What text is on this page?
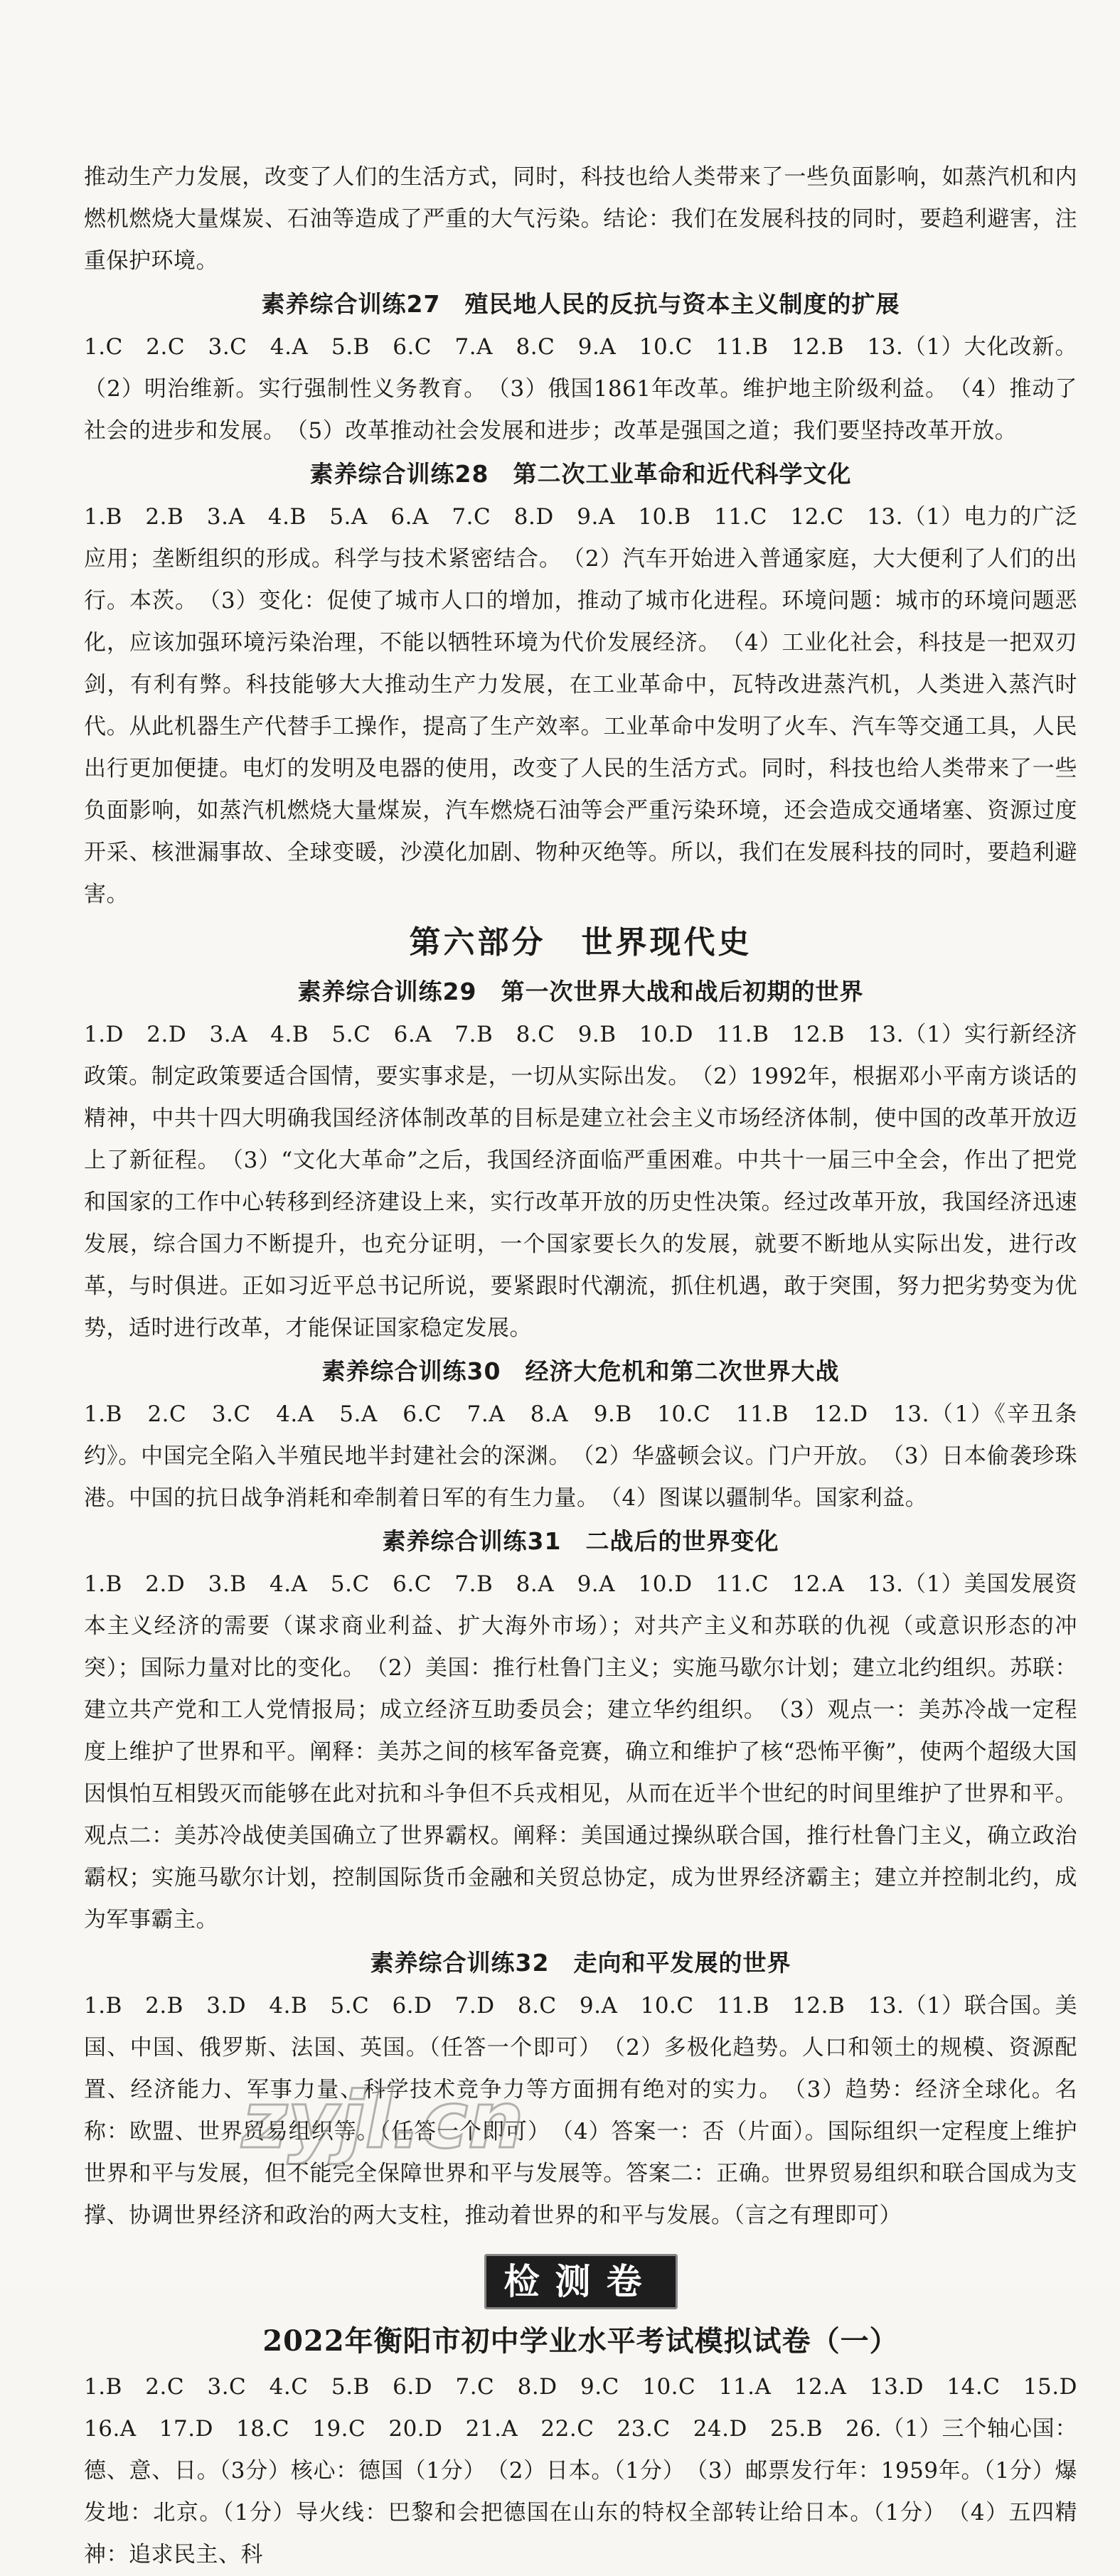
推动生产力发展，改变了人们的生活方式，同时，科技也给人类带来了一些负面影响，如蒸汽机和内燃机燃烧大量煤炭、石油等造成了严重的大气污染。结论：我们在发展科技的同时，要趋利避害，注重保护环境。
素养综合训练27 殖民地人民的反抗与资本主义制度的扩展
1.C　2.C　3.C　4.A　5.B　6.C　7.A　8.C　9.A　10.C　11.B　12.B　13.（1）大化改新。（2）明治维新。实行强制性义务教育。　（3）俄国1861年改革。维护地主阶级利益。　（4）推动了社会的进步和发展。　（5）改革推动社会发展和进步；改革是强国之道；我们要坚持改革开放。
素养综合训练28 第二次工业革命和近代科学文化
1.B　2.B　3.A　4.B　5.A　6.A　7.C　8.D　9.A　10.B　11.C　12.C　13.（1）电力的广泛应用；垄断组织的形成。科学与技术紧密结合。　（2）汽车开始进入普通家庭，大大便利了人们的出行。本茨。　（3）变化：促使了城市人口的增加，推动了城市化进程。环境问题：城市的环境问题恶化，应该加强环境污染治理，不能以牺牲环境为代价发展经济。　（4）工业化社会，科技是一把双刃剑，有利有弊。科技能够大大推动生产力发展，在工业革命中，瓦特改进蒸汽机，人类进入蒸汽时代。从此机器生产代替手工操作，提高了生产效率。工业革命中发明了火车、汽车等交通工具，人民出行更加便捷。电灯的发明及电器的使用，改变了人民的生活方式。同时，科技也给人类带来了一些负面影响，如蒸汽机燃烧大量煤炭，汽车燃烧石油等会严重污染环境，还会造成交通堵塞、资源过度开采、核泄漏事故、全球变暖，沙漠化加剧、物种灭绝等。所以，我们在发展科技的同时，要趋利避害。
第六部分 世界现代史
素养综合训练29 第一次世界大战和战后初期的世界
1.D　2.D　3.A　4.B　5.C　6.A　7.B　8.C　9.B　10.D　11.B　12.B　13.（1）实行新经济政策。制定政策要适合国情，要实事求是，一切从实际出发。　（2）1992年，根据邓小平南方谈话的精神，中共十四大明确我国经济体制改革的目标是建立社会主义市场经济体制，使中国的改革开放迈上了新征程。　（3）“文化大革命”之后，我国经济面临严重困难。中共十一届三中全会，作出了把党和国家的工作中心转移到经济建设上来，实行改革开放的历史性决策。经过改革开放，我国经济迅速发展，综合国力不断提升，也充分证明，一个国家要长久的发展，就要不断地从实际出发，进行改革，与时俱进。正如习近平总书记所说，要紧跟时代潮流，抓住机遇，敢于突围，努力把劣势变为优势，适时进行改革，才能保证国家稳定发展。
素养综合训练30 经济大危机和第二次世界大战
1.B　2.C　3.C　4.A　5.A　6.C　7.A　8.A　9.B　10.C　11.B　12.D　13.（1）《辛丑条约》。中国完全陷入半殖民地半封建社会的深渊。　（2）华盛顿会议。门户开放。　（3）日本偷袭珍珠港。中国的抗日战争消耗和牵制着日军的有生力量。　（4）图谋以疆制华。国家利益。
素养综合训练31 二战后的世界变化
1.B　2.D　3.B　4.A　5.C　6.C　7.B　8.A　9.A　10.D　11.C　12.A　13.（1）美国发展资本主义经济的需要（谋求商业利益、扩大海外市场）；对共产主义和苏联的仇视（或意识形态的冲突）；国际力量对比的变化。　（2）美国：推行杜鲁门主义；实施马歇尔计划；建立北约组织。苏联：建立共产党和工人党情报局；成立经济互助委员会；建立华约组织。　（3）观点一：美苏冷战一定程度上维护了世界和平。阐释：美苏之间的核军备竞赛，确立和维护了核“恐怖平衡”，使两个超级大国因惧怕互相毁灭而能够在此对抗和斗争但不兵戎相见，从而在近半个世纪的时间里维护了世界和平。观点二：美苏冷战使美国确立了世界霸权。阐释：美国通过操纵联合国，推行杜鲁门主义，确立政治霸权；实施马歇尔计划，控制国际货币金融和关贸总协定，成为世界经济霸主；建立并控制北约，成为军事霸主。
素养综合训练32 走向和平发展的世界
1.B　2.B　3.D　4.B　5.C　6.D　7.D　8.C　9.A　10.C　11.B　12.B　13.（1）联合国。美国、中国、俄罗斯、法国、英国。（任答一个即可）　（2）多极化趋势。人口和领土的规模、资源配置、经济能力、军事力量、科学技术竞争力等方面拥有绝对的实力。　（3）趋势：经济全球化。名称：欧盟、世界贸易组织等。（任答一个即可）　（4）答案一：否（片面）。国际组织一定程度上维护世界和平与发展，但不能完全保障世界和平与发展等。答案二：正确。世界贸易组织和联合国成为支撑、协调世界经济和政治的两大支柱，推动着世界的和平与发展。（言之有理即可）
检测卷
2022年衡阳市初中学业水平考试模拟试卷（一）
1.B　2.C　3.C　4.C　5.B　6.D　7.C　8.D　9.C　10.C　11.A　12.A　13.D　14.C　15.D　16.A　17.D　18.C　19.C　20.D　21.A　22.C　23.C　24.D　25.B　26.（1）三个轴心国：德、意、日。（3分）核心：德国（1分）　（2）日本。（1分）　（3）邮票发行年：1959年。（1分）爆发地：北京。（1分）导火线：巴黎和会把德国在山东的特权全部转让给日本。（1分）　（4）五四精神：追求民主、科
zyjl.cn
